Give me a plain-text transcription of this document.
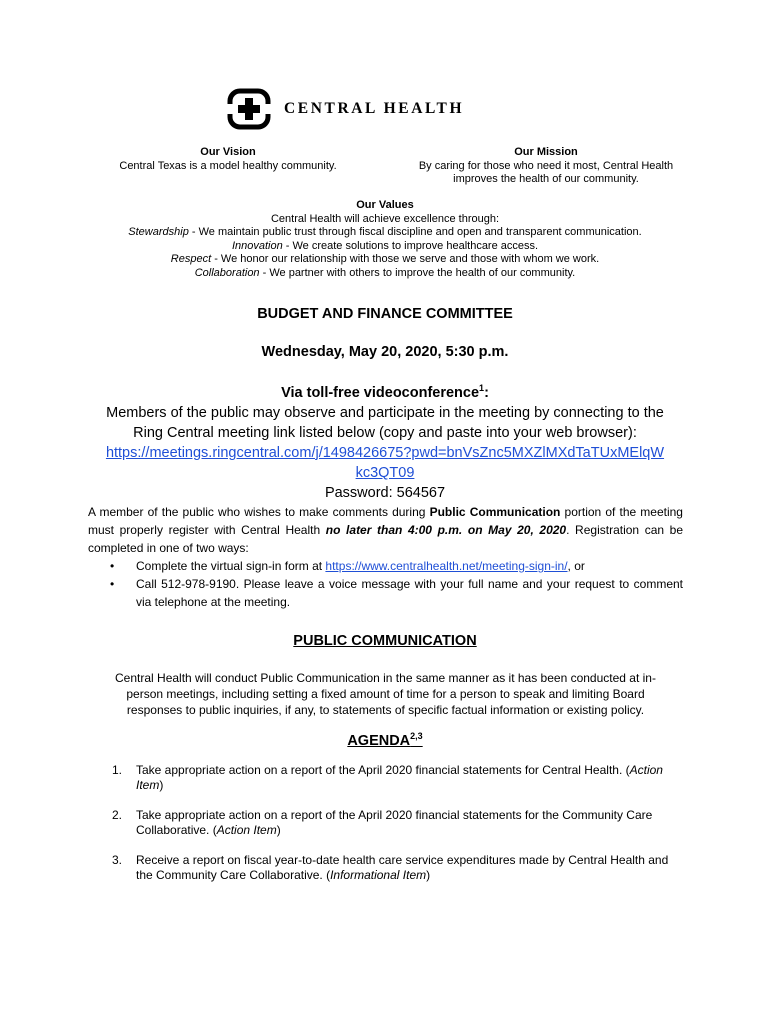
CENTRAL HEALTH
Our Vision
Central Texas is a model healthy community.
Our Mission
By caring for those who need it most, Central Health
improves the health of our community.
Our Values
Central Health will achieve excellence through:
Stewardship - We maintain public trust through fiscal discipline and open and transparent communication.
Innovation - We create solutions to improve healthcare access.
Respect - We honor our relationship with those we serve and those with whom we work.
Collaboration - We partner with others to improve the health of our community.
BUDGET AND FINANCE COMMITTEE
Wednesday, May 20, 2020, 5:30 p.m.
Via toll-free videoconference$^1$:
Members of the public may observe and participate in the meeting by connecting to the
Ring Central meeting link listed below (copy and paste into your web browser):
https://meetings.ringcentral.com/j/1498426675?pwd=bnVsZnc5MXZlMXdTaTUxMElqW
kc3QT09
Password: 564567

A member of the public who wishes to make comments during Public Communication portion of the meeting must properly register with Central Health no later than 4:00 p.m. on May 20, 2020. Registration can be completed in one of two ways:

• Complete the virtual sign-in form at https://www.centralhealth.net/meeting-sign-in/, or
• Call 512-978-9190. Please leave a voice message with your full name and your request to comment via telephone at the meeting.
PUBLIC COMMUNICATION
Central Health will conduct Public Communication in the same manner as it has been conducted at in-
person meetings, including setting a fixed amount of time for a person to speak and limiting Board
responses to public inquiries, if any, to statements of specific factual information or existing policy.
AGENDA$^{2,3}$
1. Take appropriate action on a report of the April 2020 financial statements for Central Health. (Action Item)
2. Take appropriate action on a report of the April 2020 financial statements for the Community Care Collaborative. (Action Item)
3. Receive a report on fiscal year-to-date health care service expenditures made by Central Health and the Community Care Collaborative. (Informational Item)
